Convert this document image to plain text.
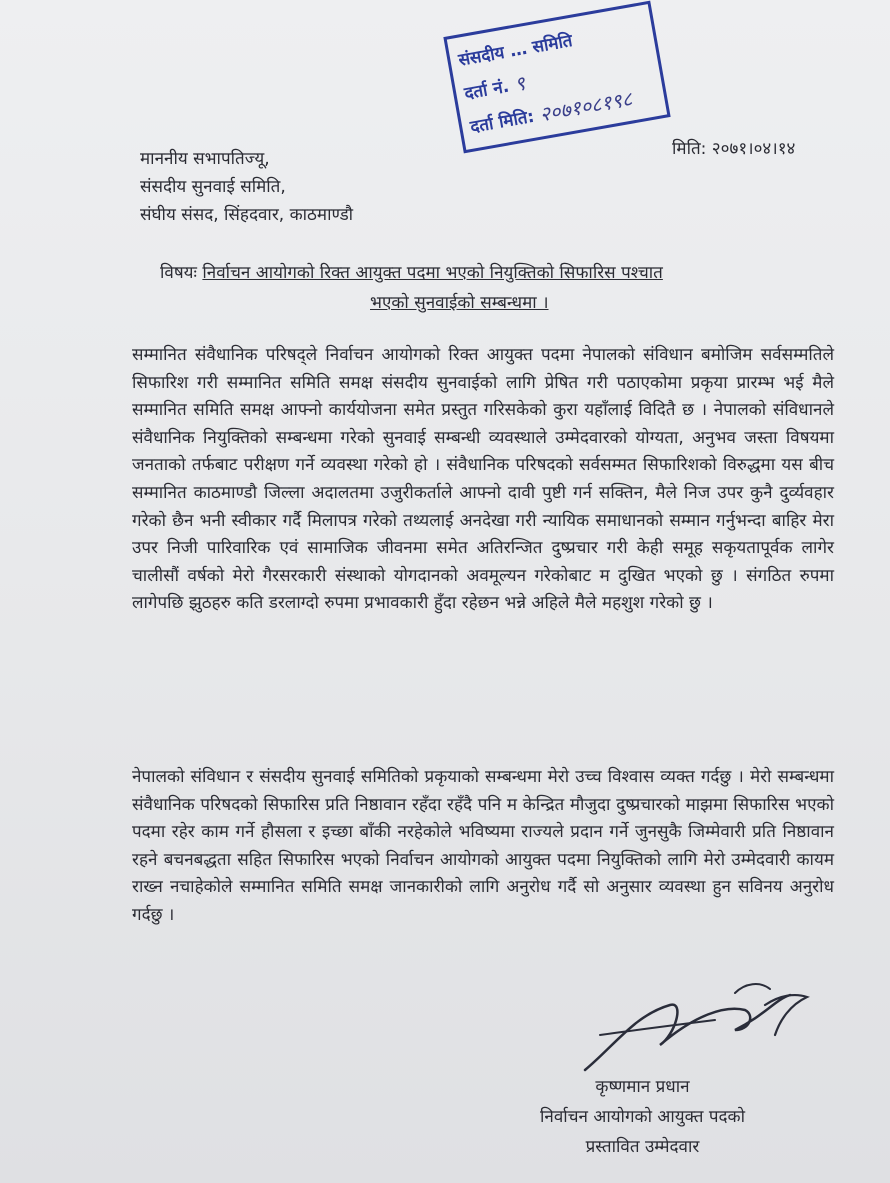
संसदीय … समिति
दर्ता नं. ९
दर्ता मिति: २०७१०८१९८
मिति: २०७१।०४।१४
माननीय सभापतिज्यू,
संसदीय सुनवाई समिति,
संघीय संसद, सिंहदवार, काठमाण्डौ
विषयः निर्वाचन आयोगको रिक्त आयुक्त पदमा भएको नियुक्तिको सिफारिस पश्चात
भएको सुनवाईको सम्बन्धमा ।
सम्मानित संवैधानिक परिषद्ले निर्वाचन आयोगको रिक्त आयुक्त पदमा नेपालको संविधान बमोजिम सर्वसम्मतिले सिफारिश गरी सम्मानित समिति समक्ष संसदीय सुनवाईको लागि प्रेषित गरी पठाएकोमा प्रकृया प्रारम्भ भई मैले सम्मानित समिति समक्ष आफ्नो कार्ययोजना समेत प्रस्तुत गरिसकेको कुरा यहाँलाई विदितै छ । नेपालको संविधानले संवैधानिक नियुक्तिको सम्बन्धमा गरेको सुनवाई सम्बन्धी व्यवस्थाले उम्मेदवारको योग्यता, अनुभव जस्ता विषयमा जनताको तर्फबाट परीक्षण गर्ने व्यवस्था गरेको हो । संवैधानिक परिषदको सर्वसम्मत सिफारिशको विरुद्धमा यस बीच सम्मानित काठमाण्डौ जिल्ला अदालतमा उजुरीकर्ताले आफ्नो दावी पुष्टी गर्न सक्तिन, मैले निज उपर कुनै दुर्व्यवहार गरेको छैन भनी स्वीकार गर्दै मिलापत्र गरेको तथ्यलाई अनदेखा गरी न्यायिक समाधानको सम्मान गर्नुभन्दा बाहिर मेरा उपर निजी पारिवारिक एवं सामाजिक जीवनमा समेत अतिरन्जित दुष्प्रचार गरी केही समूह सकृयतापूर्वक लागेर चालीसौं वर्षको मेरो गैरसरकारी संस्थाको योगदानको अवमूल्यन गरेकोबाट म दुखित भएको छु । संगठित रुपमा लागेपछि झुठहरु कति डरलाग्दो रुपमा प्रभावकारी हुँदा रहेछन भन्ने अहिले मैले महशुश गरेको छु ।
नेपालको संविधान र संसदीय सुनवाई समितिको प्रकृयाको सम्बन्धमा मेरो उच्च विश्वास व्यक्त गर्दछु । मेरो सम्बन्धमा संवैधानिक परिषदको सिफारिस प्रति निष्ठावान रहँदा रहँदै पनि म केन्द्रित मौजुदा दुष्प्रचारको माझमा सिफारिस भएको पदमा रहेर काम गर्ने हौसला र इच्छा बाँकी नरहेकोले भविष्यमा राज्यले प्रदान गर्ने जुनसुकै जिम्मेवारी प्रति निष्ठावान रहने बचनबद्धता सहित सिफारिस भएको निर्वाचन आयोगको आयुक्त पदमा नियुक्तिको लागि मेरो उम्मेदवारी कायम राख्न नचाहेकोले सम्मानित समिति समक्ष जानकारीको लागि अनुरोध गर्दै सो अनुसार व्यवस्था हुन सविनय अनुरोध गर्दछु ।
कृष्णमान प्रधान
निर्वाचन आयोगको आयुक्त पदको
प्रस्तावित उम्मेदवार
